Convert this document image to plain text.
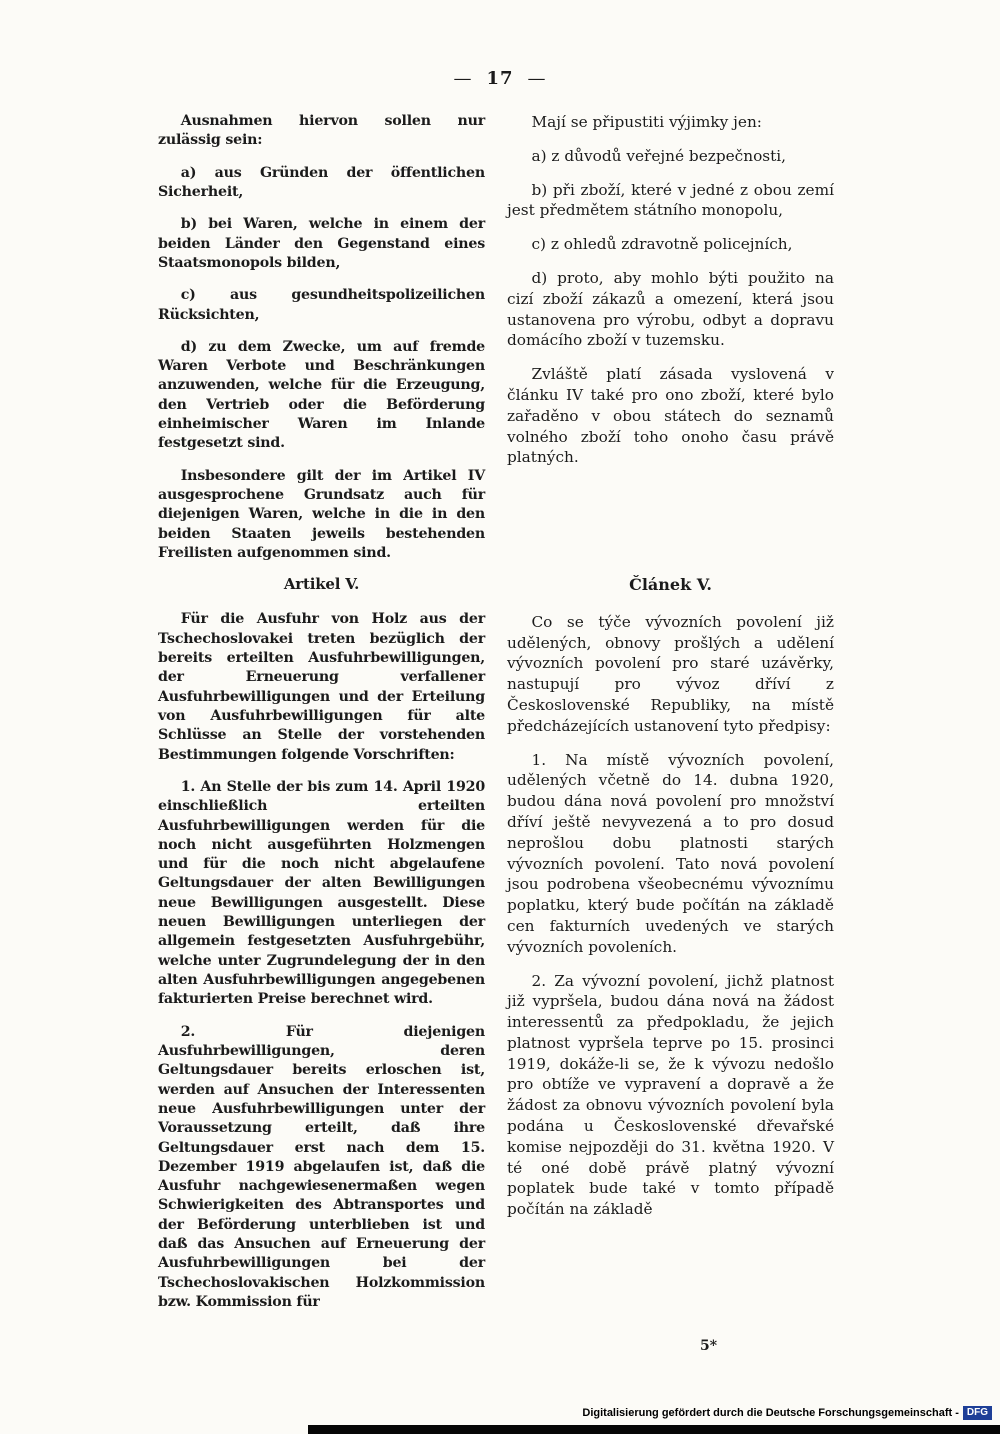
— 17 —

Ausnahmen hiervon sollen nur zulässig sein:

a) aus Gründen der öffentlichen Sicherheit,

b) bei Waren, welche in einem der beiden Länder den Gegenstand eines Staatsmonopols bilden,

c) aus gesundheitspolizeilichen Rücksichten,

d) zu dem Zwecke, um auf fremde Waren Verbote und Beschränkungen anzuwenden, welche für die Erzeugung, den Vertrieb oder die Beförderung einheimischer Waren im Inlande festgesetzt sind.

Insbesondere gilt der im Artikel IV ausgesprochene Grundsatz auch für diejenigen Waren, welche in die in den beiden Staaten jeweils bestehenden Freilisten aufgenommen sind.

Artikel V.

Für die Ausfuhr von Holz aus der Tschechoslovakei treten bezüglich der bereits erteilten Ausfuhrbewilligungen, der Erneuerung verfallener Ausfuhrbewilligungen und der Erteilung von Ausfuhrbewilligungen für alte Schlüsse an Stelle der vorstehenden Bestimmungen folgende Vorschriften:

1. An Stelle der bis zum 14. April 1920 einschließlich erteilten Ausfuhrbewilligungen werden für die noch nicht ausgeführten Holzmengen und für die noch nicht abgelaufene Geltungsdauer der alten Bewilligungen neue Bewilligungen ausgestellt. Diese neuen Bewilligungen unterliegen der allgemein festgesetzten Ausfuhrgebühr, welche unter Zugrundelegung der in den alten Ausfuhrbewilligungen angegebenen fakturierten Preise berechnet wird.

2. Für diejenigen Ausfuhrbewilligungen, deren Geltungsdauer bereits erloschen ist, werden auf Ansuchen der Interessenten neue Ausfuhrbewilligungen unter der Voraussetzung erteilt, daß ihre Geltungsdauer erst nach dem 15. Dezember 1919 abgelaufen ist, daß die Ausfuhr nachgewiesenermaßen wegen Schwierigkeiten des Abtransportes und der Beförderung unterblieben ist und daß das Ansuchen auf Erneuerung der Ausfuhrbewilligungen bei der Tschechoslovakischen Holzkommission bzw. Kommission für

Mají se připustiti výjimky jen:

a) z důvodů veřejné bezpečnosti,

b) při zboží, které v jedné z obou zemí jest předmětem státního monopolu,

c) z ohledů zdravotně policejních,

d) proto, aby mohlo býti použito na cizí zboží zákazů a omezení, která jsou ustanovena pro výrobu, odbyt a dopravu domácího zboží v tuzemsku.

Zvláště platí zásada vyslovená v článku IV také pro ono zboží, které bylo zařaděno v obou státech do seznamů volného zboží toho onoho času právě platných.

Článek V.

Co se týče vývozních povolení již udělených, obnovy prošlých a udělení vývozních povolení pro staré uzávěrky, nastupují pro vývoz dříví z Československé Republiky, na místě předcházejících ustanovení tyto předpisy:

1. Na místě vývozních povolení, udělených včetně do 14. dubna 1920, budou dána nová povolení pro množství dříví ještě nevyvezená a to pro dosud neprošlou dobu platnosti starých vývozních povolení. Tato nová povolení jsou podrobena všeobecnému vývoznímu poplatku, který bude počítán na základě cen fakturních uvedených ve starých vývozních povoleních.

2. Za vývozní povolení, jichž platnost již vypršela, budou dána nová na žádost interessentů za předpokladu, že jejich platnost vypršela teprve po 15. prosinci 1919, dokáže-li se, že k vývozu nedošlo pro obtíže ve vypravení a dopravě a že žádost za obnovu vývozních povolení byla podána u Československé dřevařské komise nejpozději do 31. května 1920. V té oné době právě platný vývozní poplatek bude také v tomto případě počítán na základě

5*
Digitalisierung gefördert durch die Deutsche Forschungsgemeinschaft - DFG
